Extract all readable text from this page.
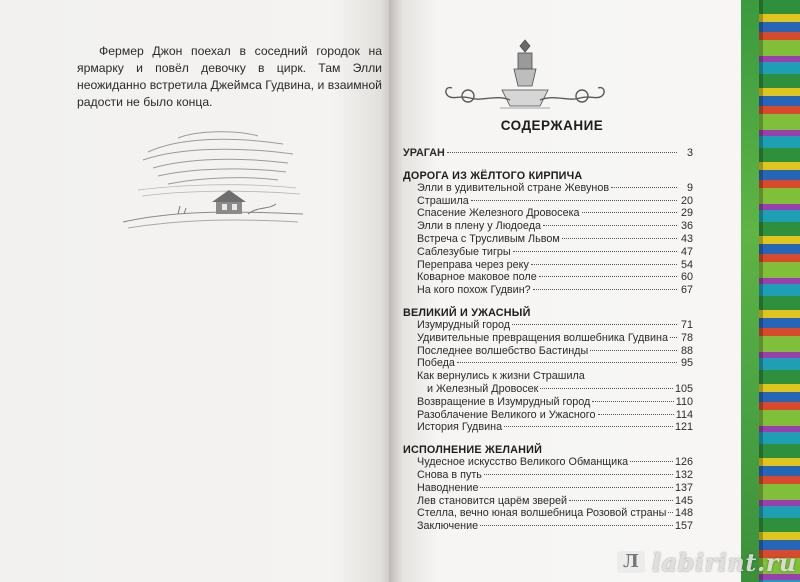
Фермер Джон поехал в соседний городок на ярмарку и повёл девочку в цирк. Там Элли неожиданно встретила Джеймса Гудвина, и взаимной радости не было конца.

СОДЕРЖАНИЕ
УРАГАН	3
ДОРОГА ИЗ ЖЁЛТОГО КИРПИЧА
Элли в удивительной стране Жевунов	9
Страшила	20
Спасение Железного Дровосека	29
Элли в плену у Людоеда	36
Встреча с Трусливым Львом	43
Саблезубые тигры	47
Переправа через реку	54
Коварное маковое поле	60
На кого похож Гудвин?	67
ВЕЛИКИЙ И УЖАСНЫЙ
Изумрудный город	71
Удивительные превращения волшебника Гудвина 78
Последнее волшебство Бастинды	88
Победа	95
Как вернулись к жизни Страшила
и Железный Дровосек	105
Возвращение в Изумрудный город	110
Разоблачение Великого и Ужасного	114
История Гудвина	121
ИСПОЛНЕНИЕ ЖЕЛАНИЙ
Чудесное искусство Великого Обманщика	126
Снова в путь	132
Наводнение	137
Лев становится царём зверей	145
Стелла, вечно юная волшебница Розовой страны 148
Заключение	157
Л labirint.ru
